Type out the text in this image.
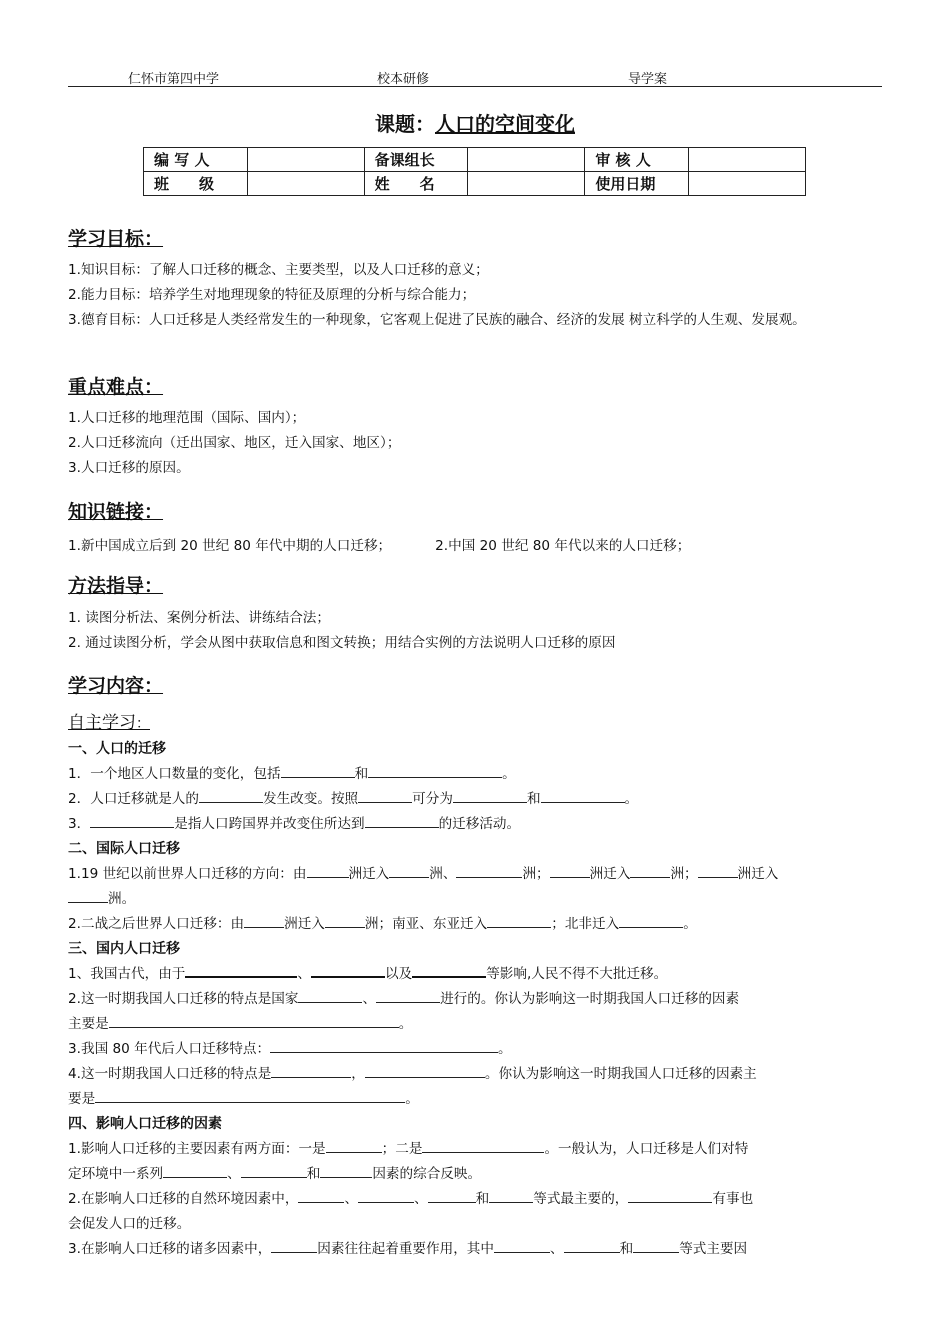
仁怀市第四中学	校本研修	导学案
课题：人口的空间变化
编 写 人		备课组长		审 核 人	
班　　级		姓　　名		使用日期	
学习目标：
1.知识目标：了解人口迁移的概念、主要类型，以及人口迁移的意义；
2.能力目标：培养学生对地理现象的特征及原理的分析与综合能力；
3.德育目标：人口迁移是人类经常发生的一种现象，它客观上促进了民族的融合、经济的发展 树立科学的人生观、发展观。
重点难点：
1.人口迁移的地理范围（国际、国内）；
2.人口迁移流向（迁出国家、地区，迁入国家、地区）；
3.人口迁移的原因。
知识链接：
1.新中国成立后到 20 世纪 80 年代中期的人口迁移；	2.中国 20 世纪 80 年代以来的人口迁移；
方法指导：
1. 读图分析法、案例分析法、讲练结合法；
2. 通过读图分析，学会从图中获取信息和图文转换；用结合实例的方法说明人口迁移的原因
学习内容：
自主学习：
一、人口的迁移
1．一个地区人口数量的变化，包括	和	。
2．人口迁移就是人的	发生改变。按照	可分为	和	。
3．	是指人口跨国界并改变住所达到	的迁移活动。
二、国际人口迁移
1.19 世纪以前世界人口迁移的方向：由	洲迁入	洲、	洲；	洲迁入	洲；	洲迁入
洲。
2.二战之后世界人口迁移：由	洲迁入	洲；南亚、东亚迁入	；北非迁入	。
三、国内人口迁移
1、我国古代，由于	、	以及	等影响,人民不得不大批迁移。
2.这一时期我国人口迁移的特点是国家	、	进行的。你认为影响这一时期我国人口迁移的因素
主要是	。
3.我国 80 年代后人口迁移特点：	。
4.这一时期我国人口迁移的特点是	，	。你认为影响这一时期我国人口迁移的因素主
要是	。
四、影响人口迁移的因素
1.影响人口迁移的主要因素有两方面：一是	；二是	。一般认为，人口迁移是人们对特
定环境中一系列	、	和	因素的综合反映。
2.在影响人口迁移的自然环境因素中，	、	、	和	等式最主要的，	有事也
会促发人口的迁移。
3.在影响人口迁移的诸多因素中，	因素往往起着重要作用，其中	、	和	等式主要因
